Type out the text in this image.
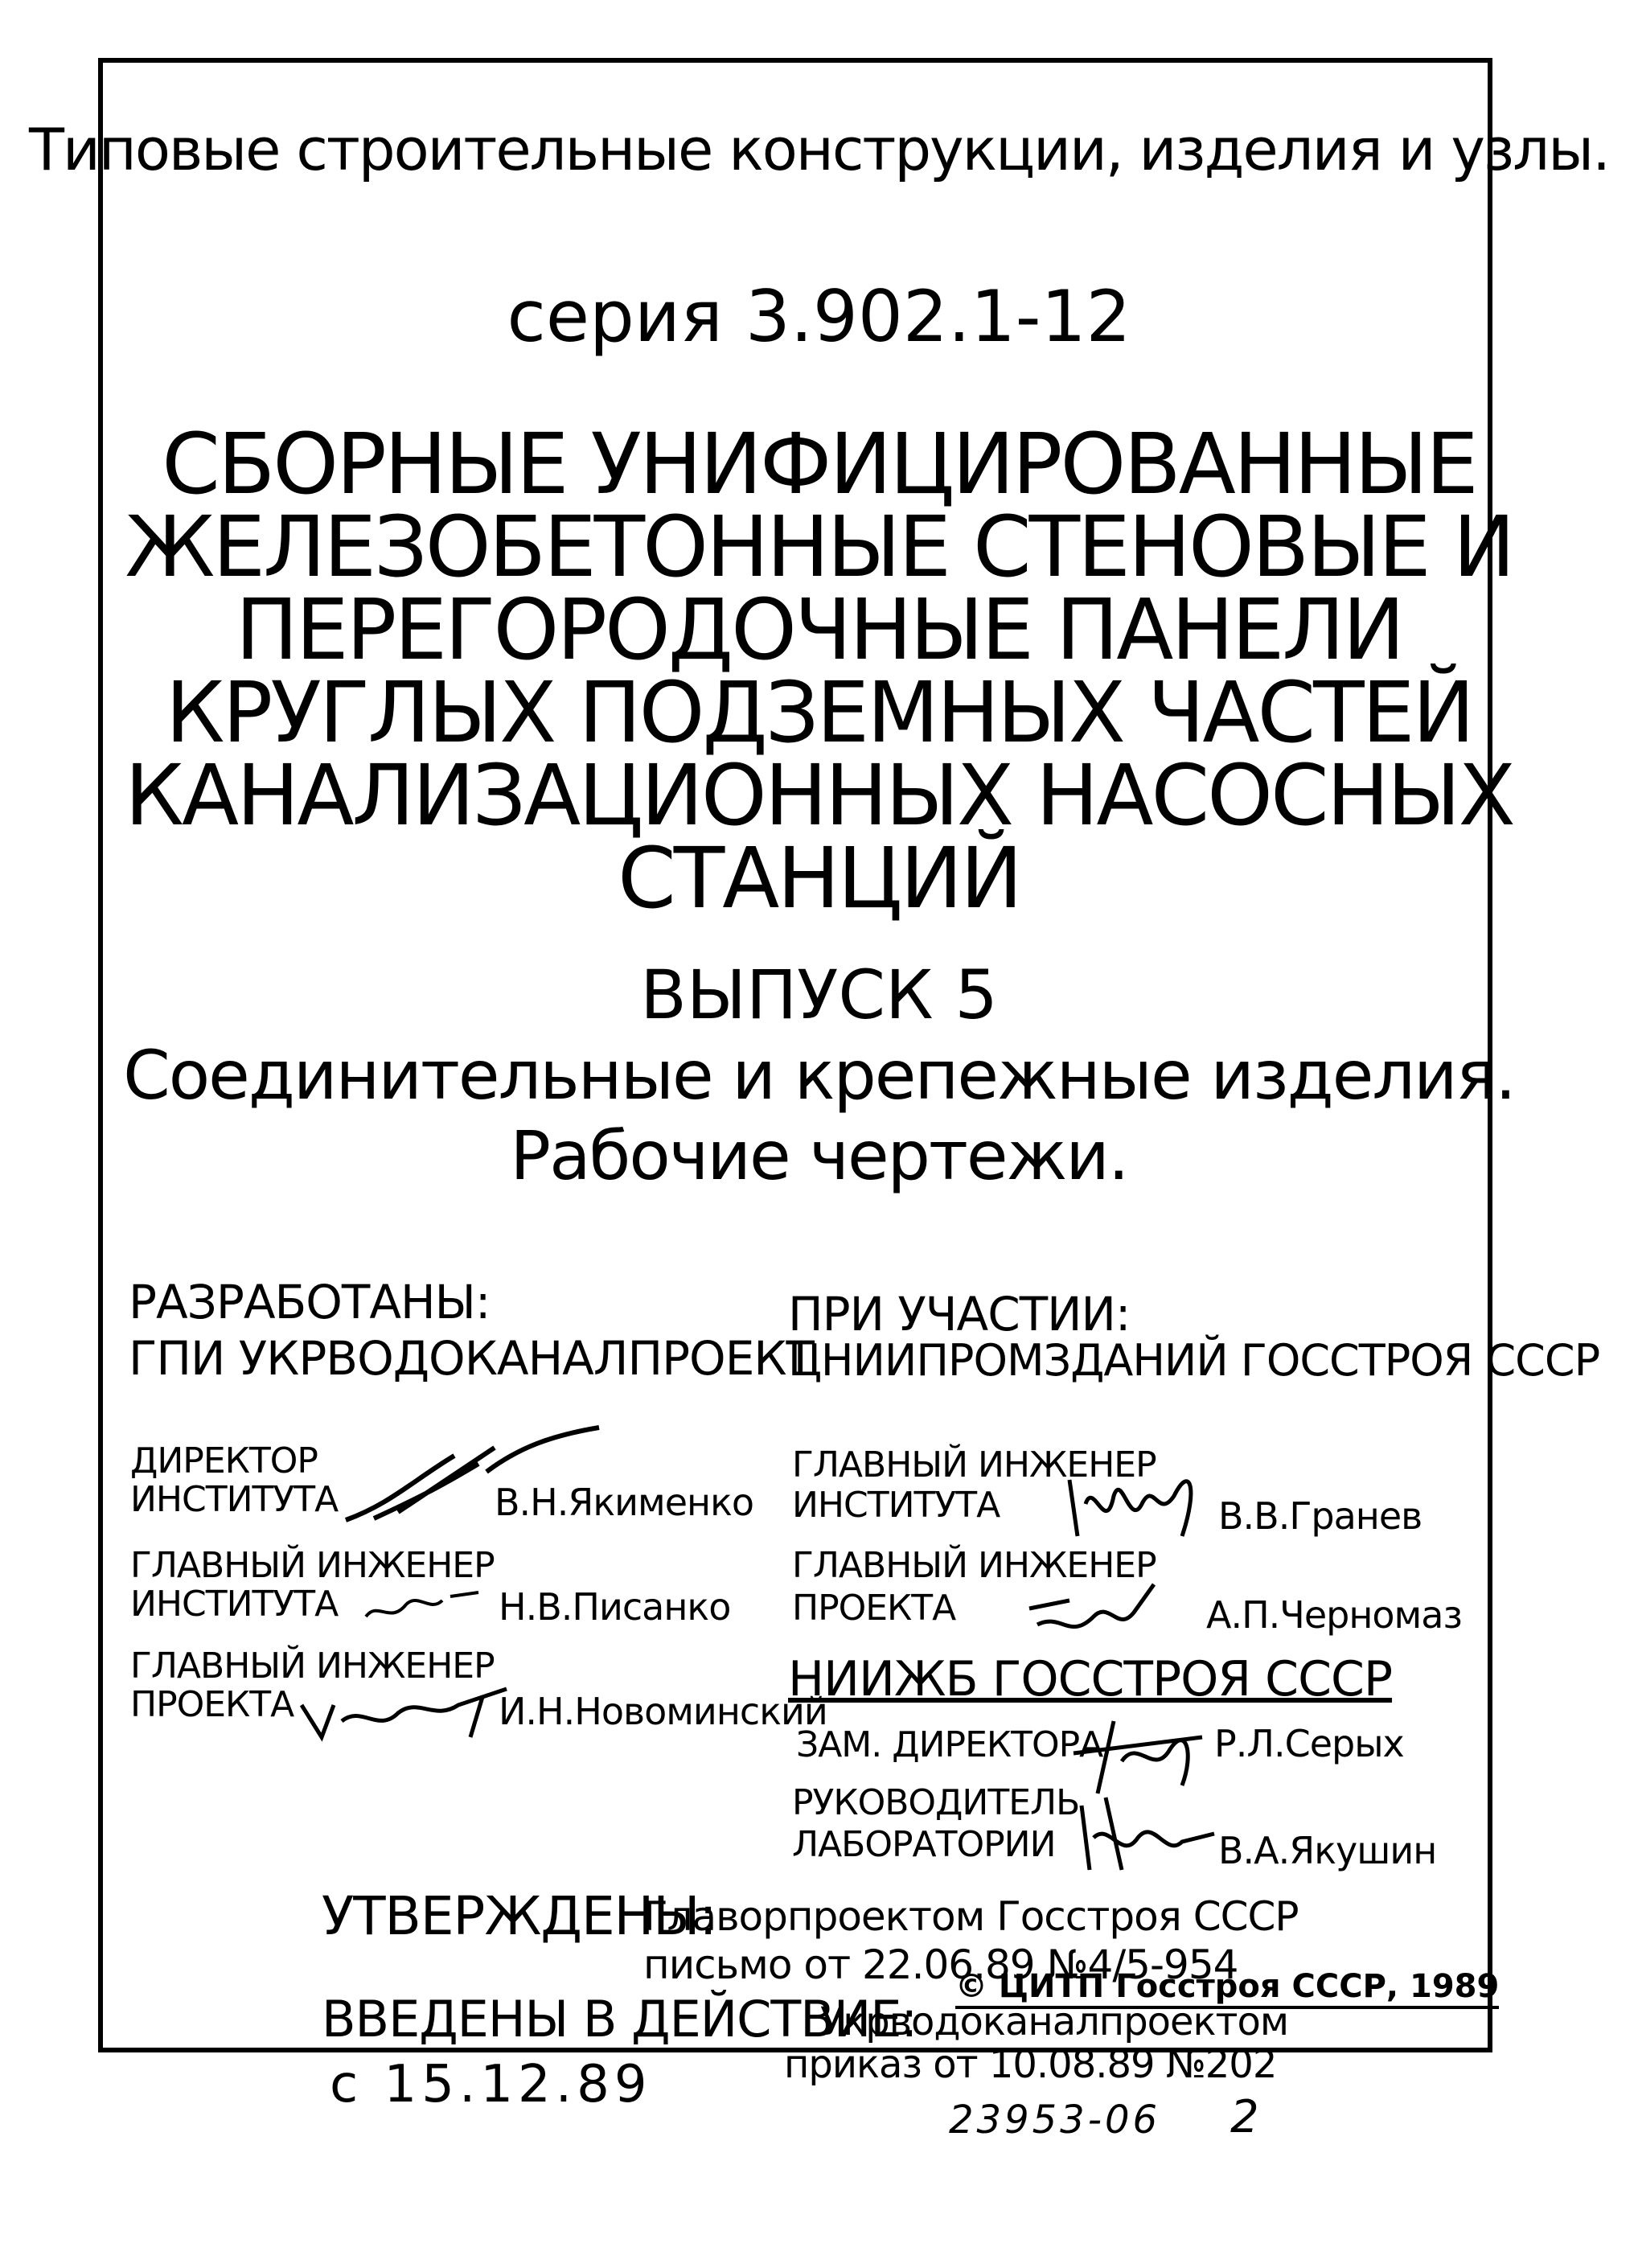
Типовые строительные конструкции, изделия и узлы.
серия 3.902.1-12
СБОРНЫЕ УНИФИЦИРОВАННЫЕ
ЖЕЛЕЗОБЕТОННЫЕ СТЕНОВЫЕ И
ПЕРЕГОРОДОЧНЫЕ ПАНЕЛИ
КРУГЛЫХ ПОДЗЕМНЫХ ЧАСТЕЙ
КАНАЛИЗАЦИОННЫХ НАСОСНЫХ
СТАНЦИЙ
ВЫПУСК 5
Соединительные и крепежные изделия.
Рабочие чертежи.
РАЗРАБОТАНЫ:
ГПИ УКРВОДОКАНАЛПРОЕКТ
ДИРЕКТОР
ИНСТИТУТА	В.Н.Якименко
ГЛАВНЫЙ ИНЖЕНЕР
ИНСТИТУТА	Н.В.Писанко
ГЛАВНЫЙ ИНЖЕНЕР
ПРОЕКТА	И.Н.Новоминский
ПРИ УЧАСТИИ:
ЦНИИПРОМЗДАНИЙ ГОССТРОЯ СССР
ГЛАВНЫЙ ИНЖЕНЕР
ИНСТИТУТА	В.В.Гранев
ГЛАВНЫЙ ИНЖЕНЕР
ПРОЕКТА	А.П.Черномаз
НИИЖБ ГОССТРОЯ СССР
ЗАМ. ДИРЕКТОРА	Р.Л.Серых
РУКОВОДИТЕЛЬ
ЛАБОРАТОРИИ	В.А.Якушин
УТВЕРЖДЕНЫ:
Главорпроектом Госстроя СССР
письмо от 22.06.89 №4/5-954
ВВЕДЕНЫ В ДЕЙСТВИЕ:
Укрводоканалпроектом
приказ от 10.08.89 №202
с 15.12.89
© ЦИТП Госстроя СССР, 1989
23953-06 2
